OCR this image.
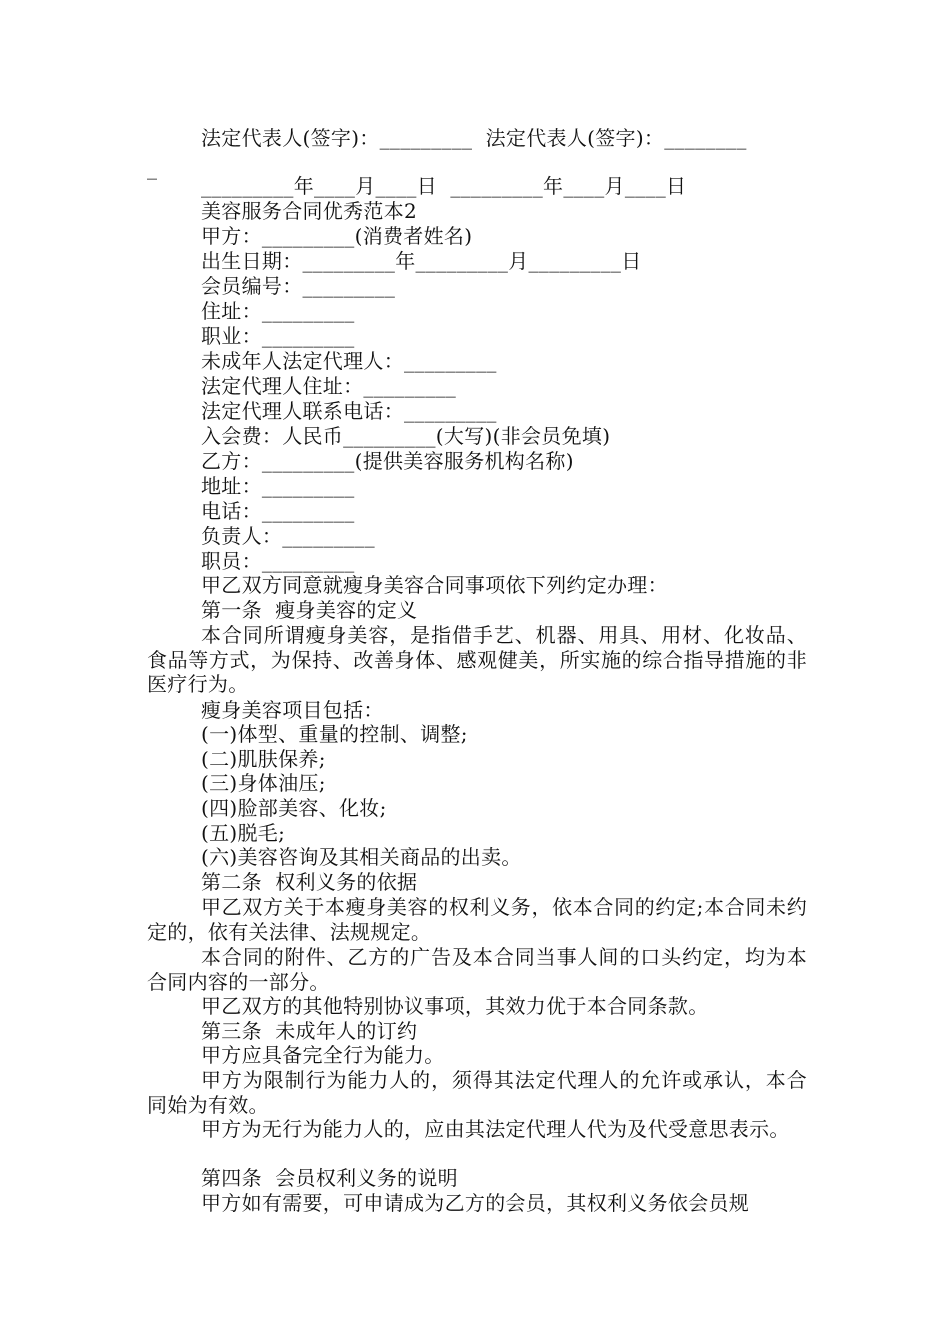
法定代表人(签字)：_________  法定代表人(签字)：________
_
_________年____月____日  _________年____月____日
美容服务合同优秀范本2
甲方：_________(消费者姓名)
出生日期：_________年_________月_________日
会员编号：_________
住址：_________
职业：_________
未成年人法定代理人：_________
法定代理人住址：_________
法定代理人联系电话：_________
入会费：人民币_________(大写)(非会员免填)
乙方：_________(提供美容服务机构名称)
地址：_________
电话：_________
负责人：_________
职员：_________
甲乙双方同意就瘦身美容合同事项依下列约定办理：
第一条  瘦身美容的定义
本合同所谓瘦身美容，是指借手艺、机器、用具、用材、化妆品、食品等方式，为保持、改善身体、感观健美，所实施的综合指导措施的非医疗行为。
瘦身美容项目包括：
(一)体型、重量的控制、调整;
(二)肌肤保养;
(三)身体油压;
(四)脸部美容、化妆;
(五)脱毛;
(六)美容咨询及其相关商品的出卖。
第二条  权利义务的依据
甲乙双方关于本瘦身美容的权利义务，依本合同的约定;本合同未约定的，依有关法律、法规规定。
本合同的附件、乙方的广告及本合同当事人间的口头约定，均为本合同内容的一部分。
甲乙双方的其他特别协议事项，其效力优于本合同条款。
第三条  未成年人的订约
甲方应具备完全行为能力。
甲方为限制行为能力人的，须得其法定代理人的允许或承认，本合同始为有效。
甲方为无行为能力人的，应由其法定代理人代为及代受意思表示。
第四条  会员权利义务的说明
甲方如有需要，可申请成为乙方的会员，其权利义务依会员规
